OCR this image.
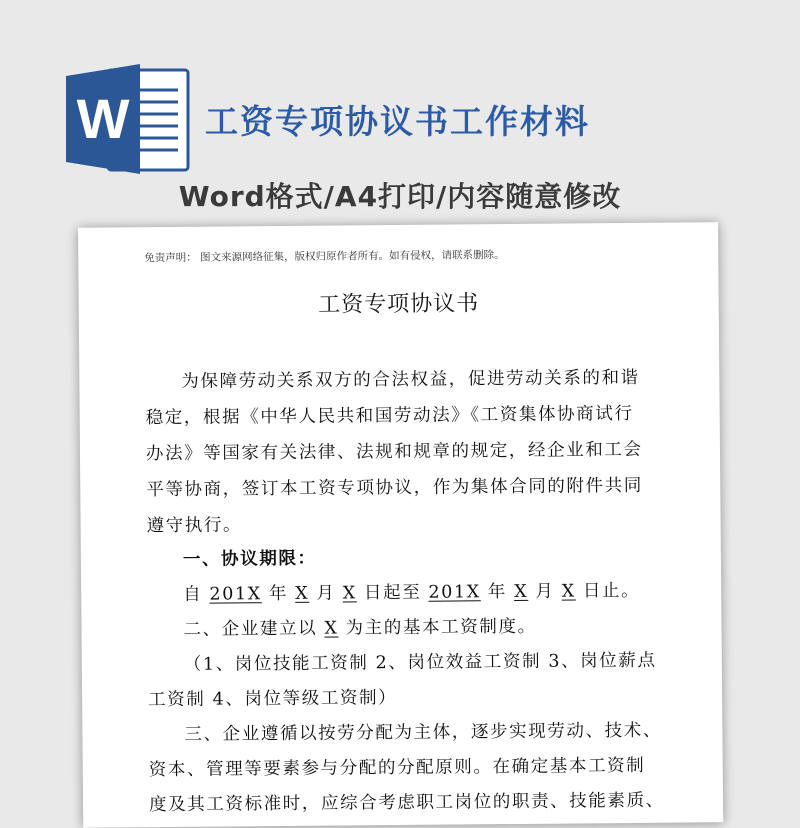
W 工资专项协议书工作材料
Word格式/A4打印/内容随意修改
免责声明： 图文来源网络征集，版权归原作者所有。如有侵权，请联系删除。
工资专项协议书
为保障劳动关系双方的合法权益，促进劳动关系的和谐
稳定，根据《中华人民共和国劳动法》《工资集体协商试行
办法》等国家有关法律、法规和规章的规定，经企业和工会
平等协商，签订本工资专项协议，作为集体合同的附件共同
遵守执行。
一、协议期限：
自 201X 年 X 月 X 日起至 201X 年 X 月 X 日止。
二、企业建立以 X 为主的基本工资制度。
（1、岗位技能工资制 2、岗位效益工资制 3、岗位薪点
工资制 4、岗位等级工资制）
三、企业遵循以按劳分配为主体，逐步实现劳动、技术、
资本、管理等要素参与分配的分配原则。在确定基本工资制
度及其工资标准时，应综合考虑职工岗位的职责、技能素质、
